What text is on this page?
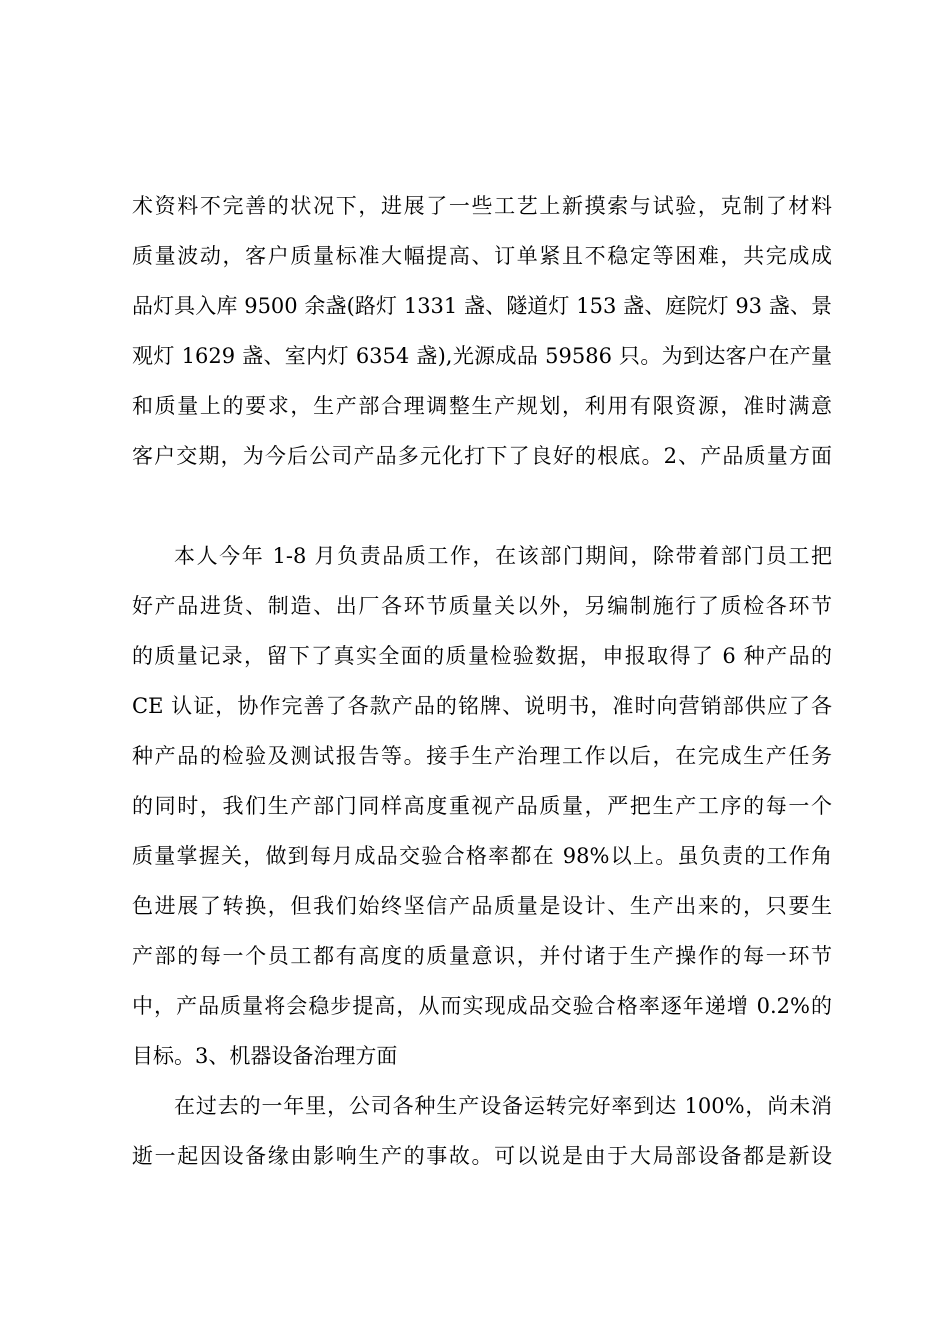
术资料不完善的状况下，进展了一些工艺上新摸索与试验，克制了材料
质量波动，客户质量标准大幅提高、订单紧且不稳定等困难，共完成成
品灯具入库 9500 余盏(路灯 1331 盏、隧道灯 153 盏、庭院灯 93 盏、景
观灯 1629 盏、室内灯 6354 盏),光源成品 59586 只。为到达客户在产量
和质量上的要求，生产部合理调整生产规划，利用有限资源，准时满意
客户交期，为今后公司产品多元化打下了良好的根底。2、产品质量方面
本人今年 1-8 月负责品质工作，在该部门期间，除带着部门员工把
好产品进货、制造、出厂各环节质量关以外，另编制施行了质检各环节
的质量记录，留下了真实全面的质量检验数据，申报取得了 6 种产品的
CE 认证，协作完善了各款产品的铭牌、说明书，准时向营销部供应了各
种产品的检验及测试报告等。接手生产治理工作以后，在完成生产任务
的同时，我们生产部门同样高度重视产品质量，严把生产工序的每一个
质量掌握关，做到每月成品交验合格率都在 98%以上。虽负责的工作角
色进展了转换，但我们始终坚信产品质量是设计、生产出来的，只要生
产部的每一个员工都有高度的质量意识，并付诸于生产操作的每一环节
中，产品质量将会稳步提高，从而实现成品交验合格率逐年递增 0.2%的
目标。3、机器设备治理方面
在过去的一年里，公司各种生产设备运转完好率到达 100%，尚未消
逝一起因设备缘由影响生产的事故。可以说是由于大局部设备都是新设
